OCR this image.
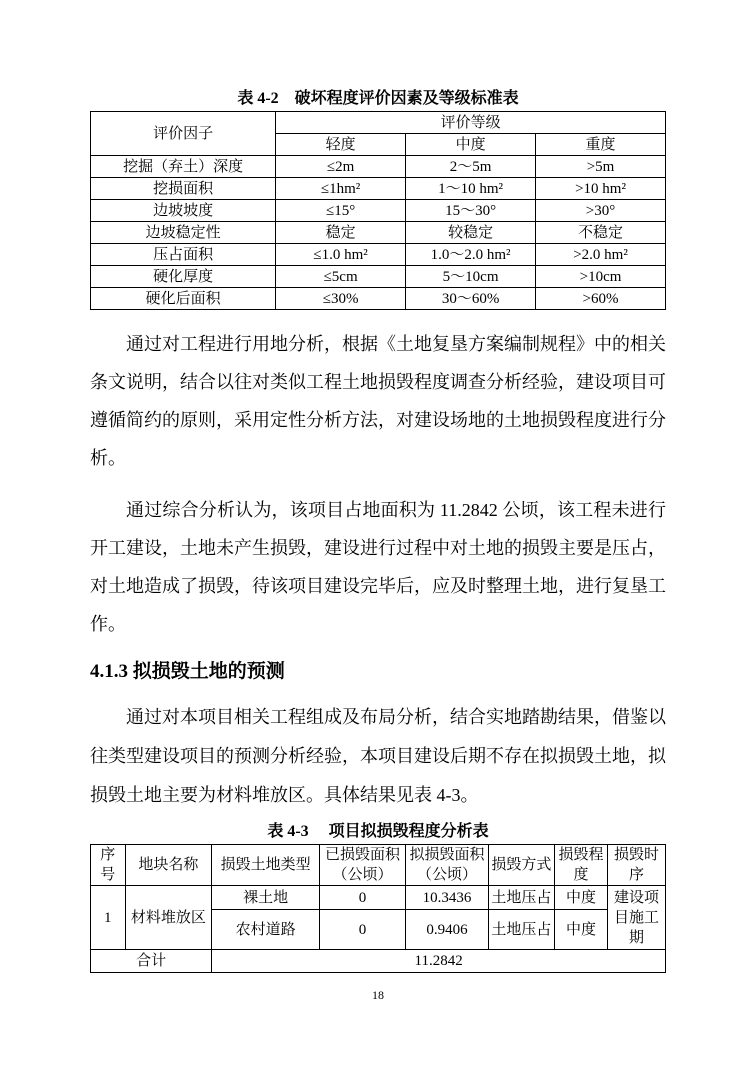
表 4-2　破坏程度评价因素及等级标准表
评价因子	评价等级		
	轻度	中度	重度
挖掘（弃土）深度	≤2m	2～5m	>5m
挖损面积	≤1hm²	1～10 hm²	>10 hm²
边坡坡度	≤15°	15～30°	>30°
边坡稳定性	稳定	较稳定	不稳定
压占面积	≤1.0 hm²	1.0～2.0 hm²	>2.0 hm²
硬化厚度	≤5cm	5～10cm	>10cm
硬化后面积	≤30%	30～60%	>60%

通过对工程进行用地分析，根据《土地复垦方案编制规程》中的相关条文说明，结合以往对类似工程土地损毁程度调查分析经验，建设项目可遵循简约的原则，采用定性分析方法，对建设场地的土地损毁程度进行分析。

通过综合分析认为，该项目占地面积为 11.2842 公顷，该工程未进行开工建设，土地未产生损毁，建设进行过程中对土地的损毁主要是压占，对土地造成了损毁，待该项目建设完毕后，应及时整理土地，进行复垦工作。

4.1.3 拟损毁土地的预测

通过对本项目相关工程组成及布局分析，结合实地踏勘结果，借鉴以往类型建设项目的预测分析经验，本项目建设后期不存在拟损毁土地，拟损毁土地主要为材料堆放区。具体结果见表 4-3。

表 4-3　 项目拟损毁程度分析表
序号	地块名称	损毁土地类型	已损毁面积（公顷）	拟损毁面积（公顷）	损毁方式	损毁程度	损毁时序
1	材料堆放区	裸土地	0	10.3436	土地压占	中度	建设项目施工期
		农村道路	0	0.9406	土地压占	中度	
合计		11.2842					
18
